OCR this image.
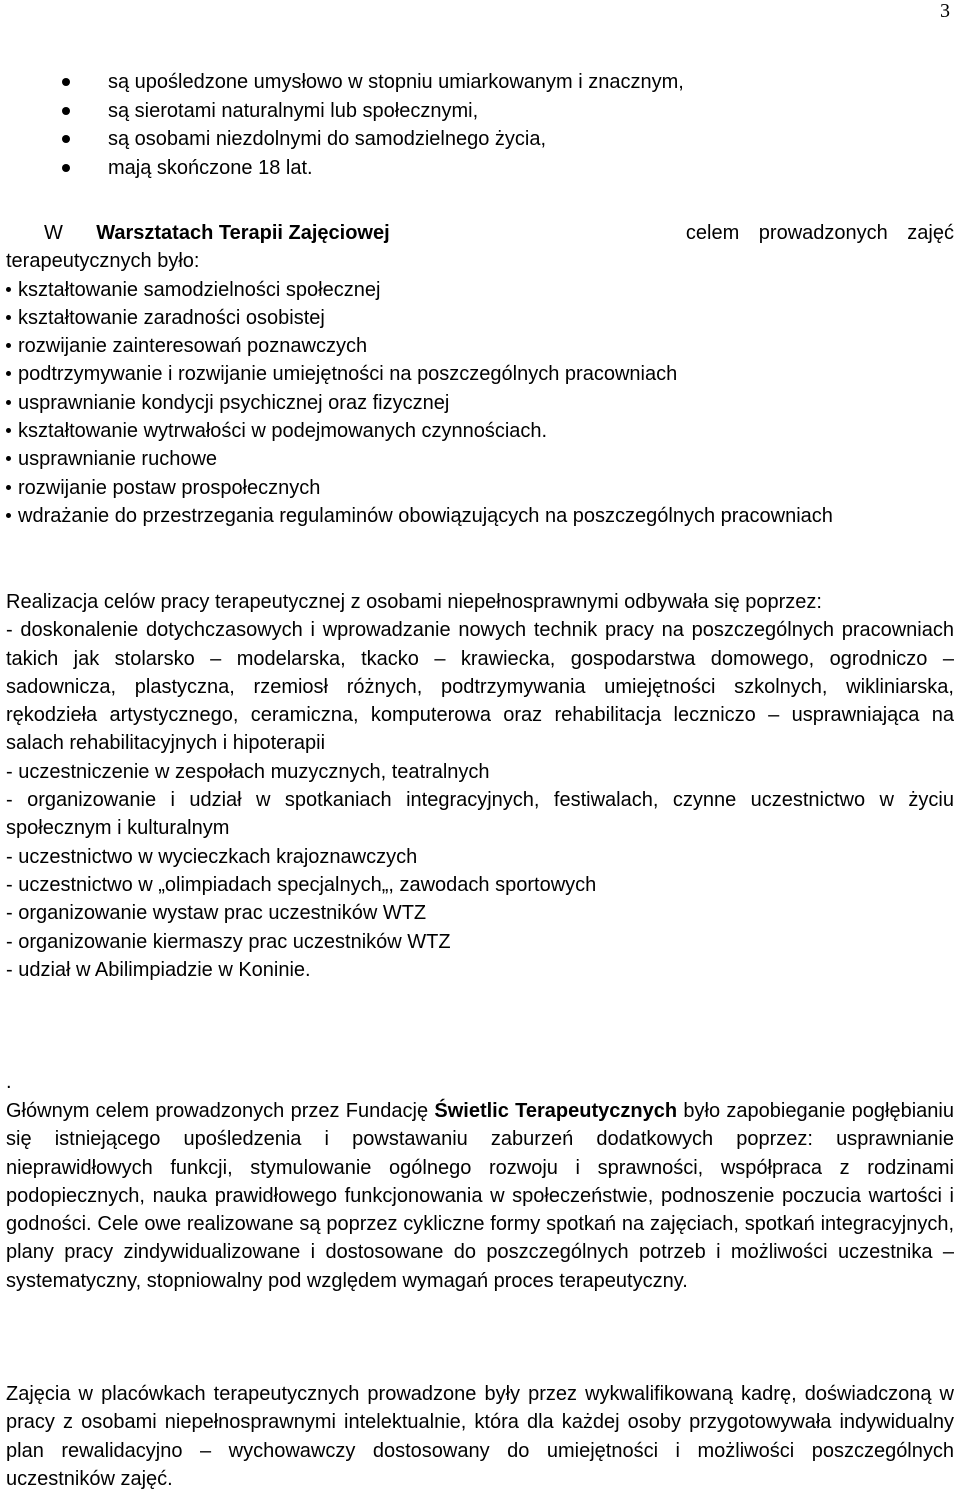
3
są upośledzone umysłowo w stopniu umiarkowanym i znacznym,
są sierotami naturalnymi lub społecznymi,
są osobami niezdolnymi do samodzielnego życia,
mają skończone 18 lat.
W Warsztatach Terapii Zajęciowej	celem prowadzonych zajęć
terapeutycznych było:
kształtowanie samodzielności społecznej
kształtowanie zaradności osobistej
rozwijanie zainteresowań poznawczych
podtrzymywanie i rozwijanie umiejętności na poszczególnych pracowniach
usprawnianie kondycji psychicznej oraz fizycznej
kształtowanie wytrwałości w podejmowanych czynnościach.
usprawnianie ruchowe
rozwijanie postaw prospołecznych
wdrażanie do przestrzegania regulaminów obowiązujących na poszczególnych pracowniach

Realizacja celów pracy terapeutycznej z osobami niepełnosprawnymi odbywała się poprzez:

- doskonalenie dotychczasowych i wprowadzanie nowych technik pracy na poszczególnych pracowniach takich jak stolarsko – modelarska, tkacko – krawiecka, gospodarstwa domowego, ogrodniczo – sadownicza, plastyczna, rzemiosł różnych, podtrzymywania umiejętności szkolnych, wikliniarska, rękodzieła artystycznego, ceramiczna, komputerowa oraz rehabilitacja leczniczo – usprawniająca na salach rehabilitacyjnych i hipoterapii
- uczestniczenie w zespołach muzycznych, teatralnych
- organizowanie i udział w spotkaniach integracyjnych, festiwalach, czynne uczestnictwo w życiu społecznym i kulturalnym
- uczestnictwo w wycieczkach krajoznawczych
- uczestnictwo w „olimpiadach specjalnych„, zawodach sportowych
- organizowanie wystaw prac uczestników WTZ
- organizowanie kiermaszy prac uczestników WTZ
- udział w Abilimpiadzie w Koninie.
.

Głównym celem prowadzonych przez Fundację Świetlic Terapeutycznych było zapobieganie pogłębianiu się istniejącego upośledzenia i powstawaniu zaburzeń dodatkowych poprzez: usprawnianie nieprawidłowych funkcji, stymulowanie ogólnego rozwoju i sprawności, współpraca z rodzinami podopiecznych, nauka prawidłowego funkcjonowania w społeczeństwie, podnoszenie poczucia wartości i godności. Cele owe realizowane są poprzez cykliczne formy spotkań na zajęciach, spotkań integracyjnych, plany pracy zindywidualizowane i dostosowane do poszczególnych potrzeb i możliwości uczestnika – systematyczny, stopniowalny pod względem wymagań proces terapeutyczny.

Zajęcia w placówkach terapeutycznych prowadzone były przez wykwalifikowaną kadrę, doświadczoną w pracy z osobami niepełnosprawnymi intelektualnie, która dla każdej osoby przygotowywała indywidualny plan rewalidacyjno – wychowawczy dostosowany do umiejętności i możliwości poszczególnych uczestników zajęć.
